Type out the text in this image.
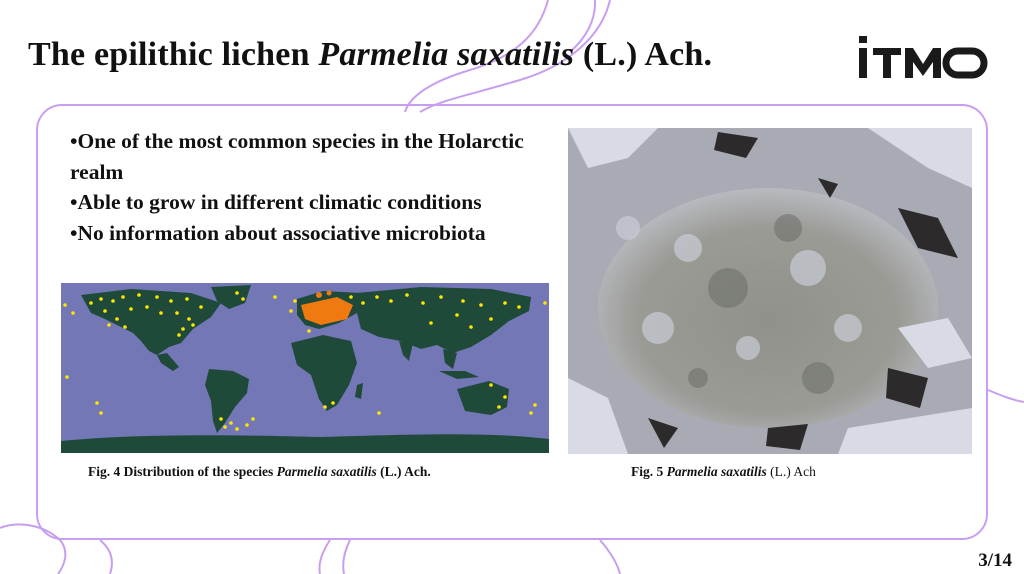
The epilithic lichen Parmelia saxatilis (L.) Ach.

•One of the most common species in the Holarctic realm

•Able to grow in different climatic conditions

•No information about associative microbiota

Fig. 4 Distribution of the species Parmelia saxatilis (L.) Ach.	Fig. 5 Parmelia saxatilis (L.) Ach
3/14
